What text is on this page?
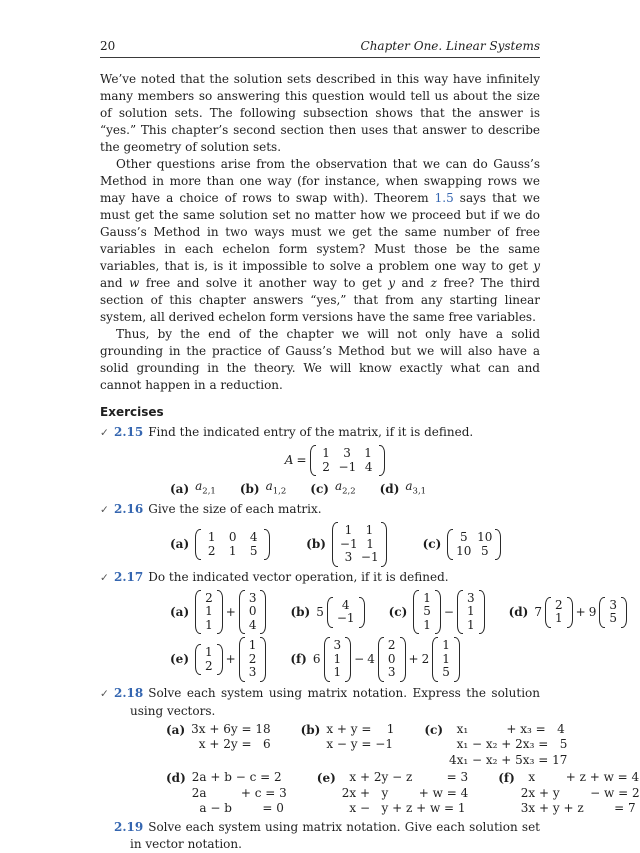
20	Chapter One. Linear Systems

We’ve noted that the solution sets described in this way have infinitely many members so answering this question would tell us about the size of solution sets. The following subsection shows that the answer is “yes.” This chapter’s second section then uses that answer to describe the geometry of solution sets.

Other questions arise from the observation that we can do Gauss’s Method in more than one way (for instance, when swapping rows we may have a choice of rows to swap with). Theorem 1.5 says that we must get the same solution set no matter how we proceed but if we do Gauss’s Method in two ways must we get the same number of free variables in each echelon form system? Must those be the same variables, that is, is it impossible to solve a problem one way to get y and w free and solve it another way to get y and z free? The third section of this chapter answers “yes,” that from any starting linear system, all derived echelon form versions have the same free variables.

Thus, by the end of the chapter we will not only have a solid grounding in the practice of Gauss’s Method but we will also have a solid grounding in the theory. We will know exactly what can and cannot happen in a reduction.

Exercises
✓ 2.15 Find the indicated entry of the matrix, if it is defined.
A =	1	3	1
2 −1 4
(a) $a_{2,1}$ (b) $a_{1,2}$ (c) $a_{2,2}$ (d) $a_{3,1}$
✓ 2.16 Give the size of each matrix.
(a)	1	0	4
2	1	5	(b)
1	1
−1 1
3 −1
(c)	5 10
10 5
✓ 2.17 Do the indicated vector operation, if it is defined.
(a)
2
1
1
+
3
0
4
(b) 5	4
−1	(c)
1
5
1
−
3
1
1
(d) 7	2
1	+ 9	3
5
(e)	1
2	+
1
2
3
(f) 6
3
1
1
− 4
2
0
3
+ 2
1
1
5
✓ 2.18 Solve each system using matrix notation. Express the solution using vectors.
(a) 3x + 6y = 18
x + 2y =   6
(b) x + y =    1
x − y = −1
(c) x₁          + x₃ =   4
x₁ − x₂ + 2x₃ =   5
4x₁ − x₂ + 5x₃ = 17
(d) 2a + b − c = 2
2a         + c = 3
a − b        = 0
(e) x + 2y − z         = 3
2x +   y        + w = 4
x −   y + z + w = 1
(f) x        + z + w = 4
2x + y        − w = 2
3x + y + z        = 7
2.19 Solve each system using matrix notation. Give each solution set in vector notation.
